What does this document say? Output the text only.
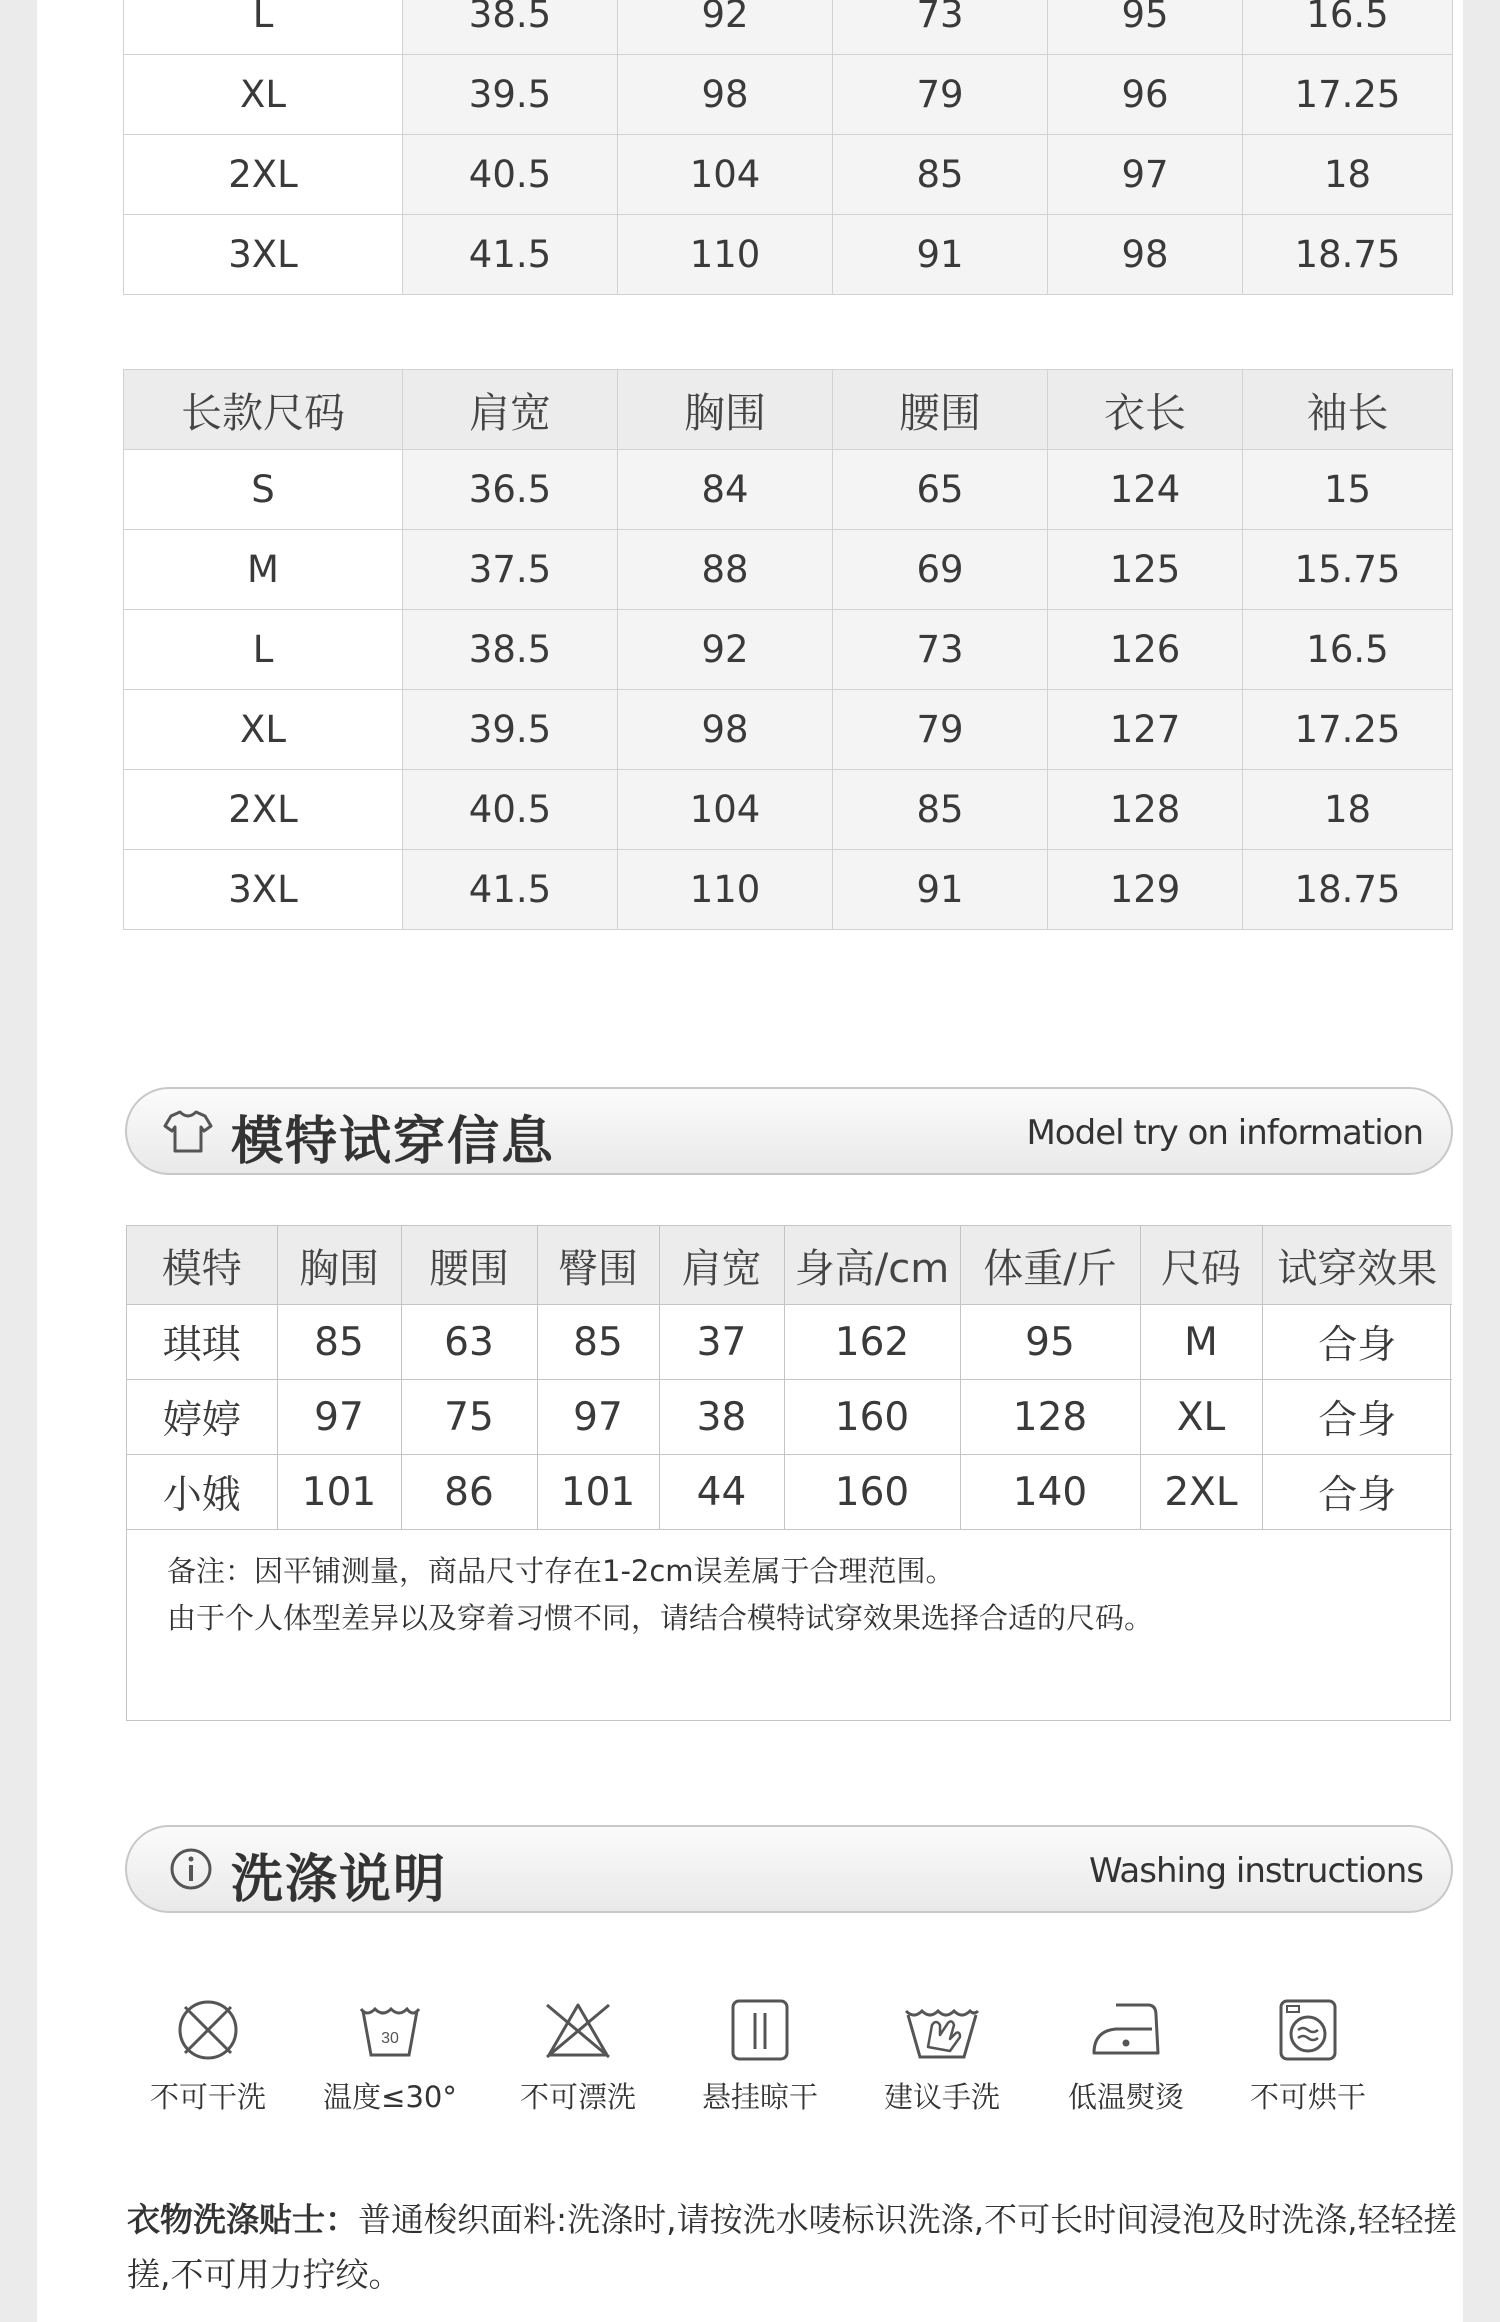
L	38.5	92	73	95	16.5
XL	39.5	98	79	96	17.25
2XL	40.5	104	85	97	18
3XL	41.5	110	91	98	18.75
长款尺码	肩宽	胸围	腰围	衣长	袖长
S	36.5	84	65	124	15
M	37.5	88	69	125	15.75
L	38.5	92	73	126	16.5
XL	39.5	98	79	127	17.25
2XL	40.5	104	85	128	18
3XL	41.5	110	91	129	18.75
模特试穿信息	Model try on information
模特	胸围	腰围	臀围	肩宽	身高/cm	体重/斤	尺码	试穿效果
琪琪	85	63	85	37	162	95	M	合身
婷婷	97	75	97	38	160	128	XL	合身
小娥	101	86	101	44	160	140	2XL	合身
备注：因平铺测量，商品尺寸存在1-2cm误差属于合理范围。
由于个人体型差异以及穿着习惯不同，请结合模特试穿效果选择合适的尺码。
洗涤说明	Washing instructions
不可干洗
30
温度≤30°	不可漂洗	悬挂晾干	建议手洗	低温熨烫	不可烘干
衣物洗涤贴士：普通梭织面料:洗涤时,请按洗水唛标识洗涤,不可长时间浸泡及时洗涤,轻轻搓搓,不可用力拧绞。
